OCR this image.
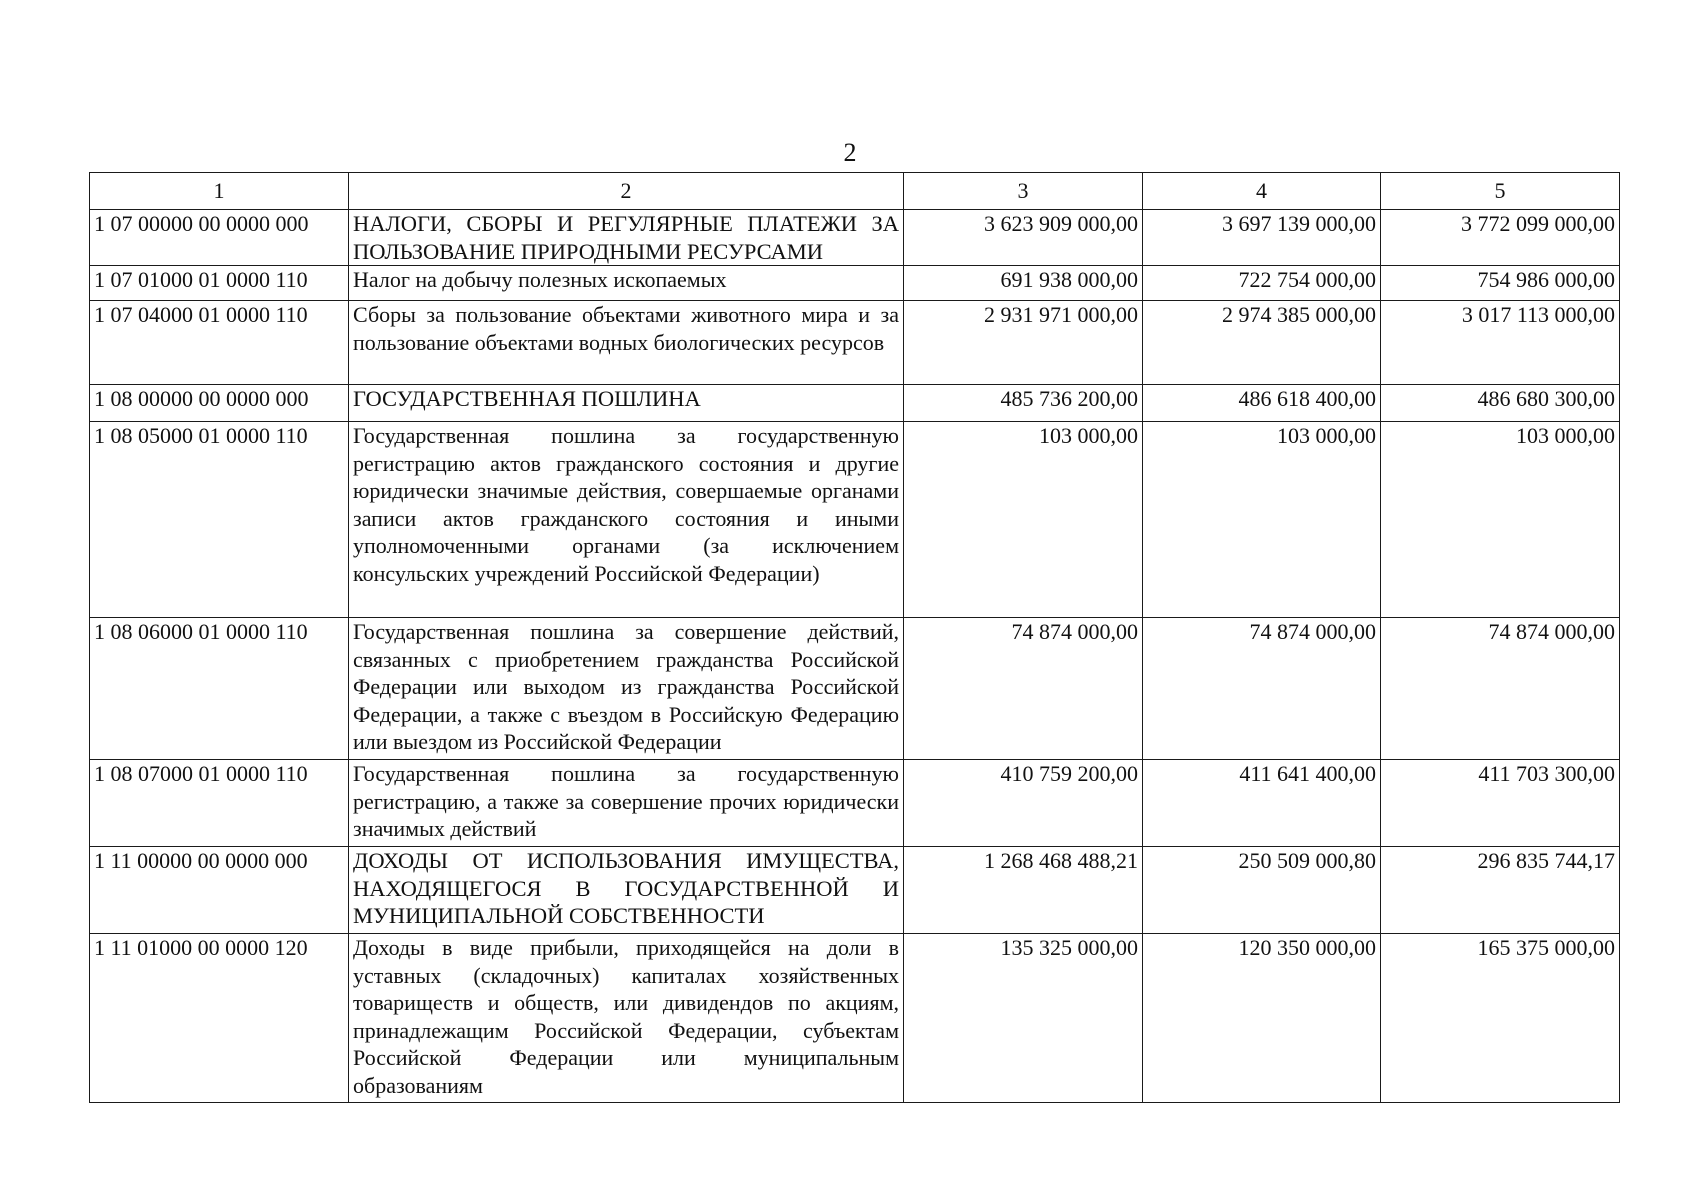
2
1	2	3	4	5
1 07 00000 00 0000 000	НАЛОГИ, СБОРЫ И РЕГУЛЯРНЫЕ ПЛАТЕЖИ ЗА ПОЛЬЗОВАНИЕ ПРИРОДНЫМИ РЕСУРСАМИ	3 623 909 000,00	3 697 139 000,00	3 772 099 000,00
1 07 01000 01 0000 110	Налог на добычу полезных ископаемых	691 938 000,00	722 754 000,00	754 986 000,00
1 07 04000 01 0000 110	Сборы за пользование объектами животного мира и за пользование объектами водных биологических ресурсов	2 931 971 000,00	2 974 385 000,00	3 017 113 000,00
1 08 00000 00 0000 000	ГОСУДАРСТВЕННАЯ ПОШЛИНА	485 736 200,00	486 618 400,00	486 680 300,00
1 08 05000 01 0000 110	Государственная пошлина за государственную регистрацию актов гражданского состояния и другие юридически значимые действия, совершаемые органами записи актов гражданского состояния и иными уполномоченными органами (за исключением консульских учреждений Российской Федерации)	103 000,00	103 000,00	103 000,00
1 08 06000 01 0000 110	Государственная пошлина за совершение действий, связанных с приобретением гражданства Российской Федерации или выходом из гражданства Российской Федерации, а также с въездом в Российскую Федерацию или выездом из Российской Федерации	74 874 000,00	74 874 000,00	74 874 000,00
1 08 07000 01 0000 110	Государственная пошлина за государственную регистрацию, а также за совершение прочих юридически значимых действий	410 759 200,00	411 641 400,00	411 703 300,00
1 11 00000 00 0000 000	ДОХОДЫ ОТ ИСПОЛЬЗОВАНИЯ ИМУЩЕСТВА, НАХОДЯЩЕГОСЯ В ГОСУДАРСТВЕННОЙ И МУНИЦИПАЛЬНОЙ СОБСТВЕННОСТИ	1 268 468 488,21	250 509 000,80	296 835 744,17
1 11 01000 00 0000 120	Доходы в виде прибыли, приходящейся на доли в уставных (складочных) капиталах хозяйственных товариществ и обществ, или дивидендов по акциям, принадлежащим Российской Федерации, субъектам Российской Федерации или муниципальным образованиям	135 325 000,00	120 350 000,00	165 375 000,00
